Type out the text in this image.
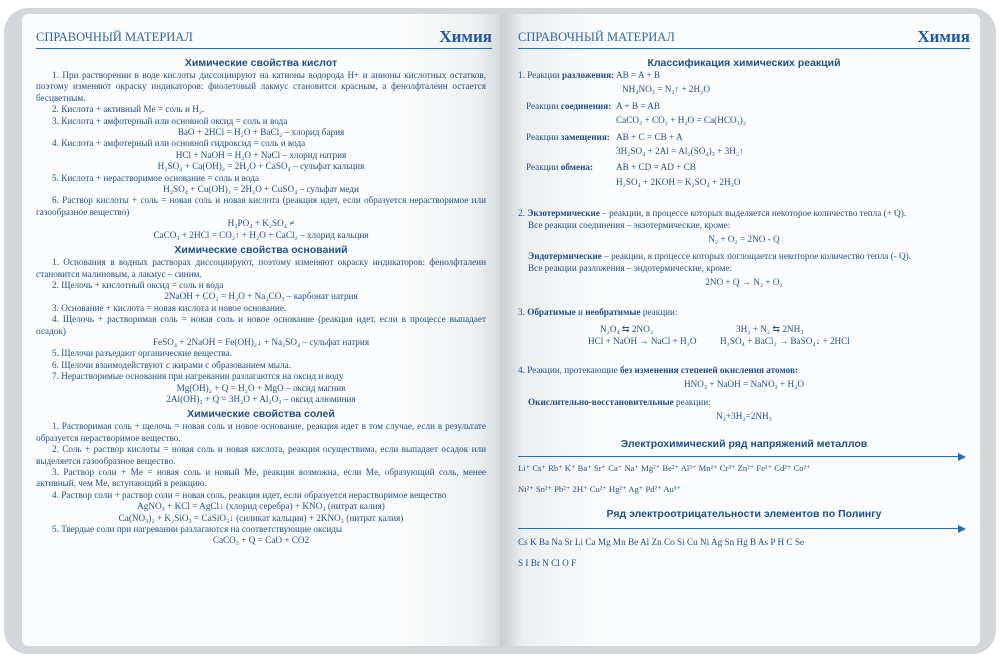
СПРАВОЧНЫЙ МАТЕРИАЛ	Химия
Химические свойства кислот
1. При растворении в воде кислоты диссоциируют на катионы водорода H+ и анионы кислотных остатков, поэтому изменяют окраску индикаторов: фиолетовый лакмус становится красным, а фенолфталеин остается бесцветным.
2. Кислота + активный Me = соль и H₂.
3. Кислота + амфотерный или основной оксид = соль и вода
BaO + 2HCl = H₂O + BaCl₂ – хлорид бария
4. Кислота + амфотерный или основной гидроксид = соль и вода
HCl + NaOH = H₂O + NaCl – хлорид натрия
H₂SO₄ + Ca(OH)₂ = 2H₂O + CaSO₄ – сульфат кальция
5. Кислота + нерастворимое основание = соль и вода
H₂SO₄ + Cu(OH)₂ = 2H₂O + CuSO₄ – сульфат меди
6. Раствор кислоты + соль = новая соль и новая кислота (реакция идет, если образуется нерастворимое или газообразное вещество)
H₃PO₄ + K₂SO₄ ≠
CaCO₃ + 2HCl = CO₂↑ + H₂O + CaCl₂ – хлорид кальция
Химические свойства оснований
1. Основания в водных растворах диссоциируют, поэтому изменяют окраску индикаторов: фенолфталеин становится малиновым, а лакмус – синим.
2. Щелочь + кислотный оксид = соль и вода
2NaOH + CO₂ = H₂O + Na₂CO₃ – карбонат натрия
3. Основание + кислота = новая кислота и новое основание.
4. Щелочь + растворимая соль = новая соль и новое основание (реакция идет, если в процессе выпадает осадок)
FeSO₄ + 2NaOH = Fe(OH)₂↓ + Na₂SO₄ – сульфат натрия
5. Щелочи разъедают органические вещества.
6. Щелочи взаимодействуют с жирами с образованием мыла.
7. Нерастворимые основания при нагревании разлагаются на оксид и воду
Mg(OH)₂ + Q = H₂O + MgO – оксид магния
2Al(OH)₃ + Q = 3H₂O + Al₂O₃ – оксид алюминия
Химические свойства солей
1. Растворимая соль + щелочь = новая соль и новое основание, реакция идет в том случае, если в результате образуется нерастворимое вещество.
2. Соль + раствор кислоты = новая соль и новая кислота, реакция осуществима, если выпадает осадок или выделяется газообразное вещество.
3. Раствор соли + Me = новая соль и новый Me, реакция возможна, если Me, образующий соль, менее активный, чем Me, вступающий в реакцию.
4. Раствор соли + раствор соли = новая соль, реакция идет, если образуется нерастворимое вещество
AgNO₃ + KCl = AgCl↓ (хлорид серебра) + KNO₃ (нитрат калия)
Ca(NO₃)₂ + K₂SiO₃ = CaSiO₃↓ (силикат кальция) + 2KNO₃ (нитрат калия)
5. Твердые соли при нагревании разлагаются на соответствующие оксиды
CaCO₃ + Q = CaO + CO2
СПРАВОЧНЫЙ МАТЕРИАЛ	Химия
Классификация химических реакций
1. Реакции разложения: AB = A + B
NH₄NO₃ = N₂↑ + 2H₂O
Реакции соединения: A + B = AB
CaCO₃ + CO₂ + H₂O = Ca(HCO₃)₂
Реакции замещения: AB + C = CB + A
3H₂SO₄ + 2Al = Al₂(SO₄)₃ + 3H₂↑
Реакции обмена:	AB + CD = AD + CB
H₂SO₄ + 2KOH = K₂SO₄ + 2H₂O
2. Экзотермические – реакции, в процессе которых выделяется некоторое количество тепла (+ Q).
Все реакции соединения – экзотермические, кроме:
N₂ + O₂ = 2NO - Q
Эндотермические – реакции, в процессе которых поглощается некоторое количество тепла (- Q).
Все реакции разложения – эндотермические, кроме:
2NO + Q → N₂ + O₂
3. Обратимые и необратимые реакции:
N₂O₄ ⇆ 2NO₂	3H₂ + N₂ ⇆ 2NH₃
HCl + NaOH → NaCl + H₂O	H₂SO₄ + BaCl₂ → BaSO₄↓ + 2HCl
4. Реакции, протекающие без изменения степеней окисления атомов:
HNO₃ + NaOH = NaNO₃ + H₂O
Окислительно-восстановительные реакции:
N₂+3H₂=2NH₃
Электрохимический ряд напряжений металлов
Li⁺ Cs⁺ Rb⁺ K⁺ Ba⁺ Sr⁺ Ca⁺ Na⁺ Mg²⁺ Be²⁺ Al³⁺ Mn²⁺ Cr³⁺ Zn²⁺ Fe²⁺ Cd²⁺ Co²⁺
Ni²⁺ Sn²⁺ Pb²⁺ 2H⁺ Cu²⁺ Hg²⁺ Ag⁺ Pd²⁺ Au³⁺
Ряд электроотрицательности элементов по Полингу
Cs K Ba Na Sr Li Ca Mg Mn Be Al Zn Co Si Cu Ni Ag Sn Hg B As P H C Se
S I Br N Cl O F
